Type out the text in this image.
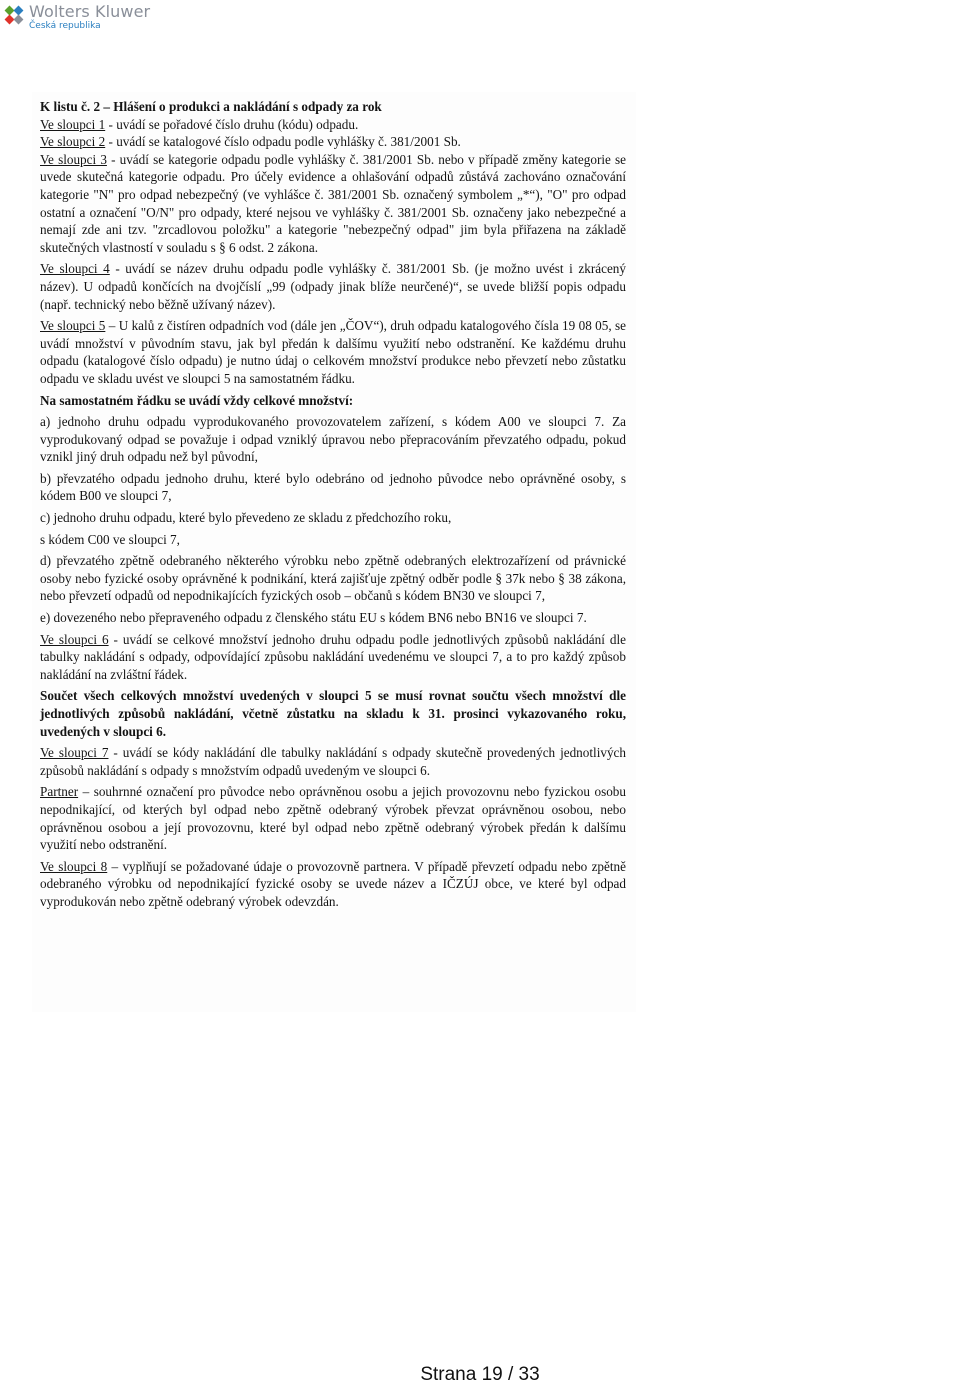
Wolters Kluwer
Česká republika

K listu č. 2 – Hlášení o produkci a nakládání s odpady za rok

Ve sloupci 1 - uvádí se pořadové číslo druhu (kódu) odpadu.

Ve sloupci 2 - uvádí se katalogové číslo odpadu podle vyhlášky č. 381/2001 Sb.

Ve sloupci 3 - uvádí se kategorie odpadu podle vyhlášky č. 381/2001 Sb. nebo v případě změny kategorie se uvede skutečná kategorie odpadu. Pro účely evidence a ohlašování odpadů zůstává zachováno označování kategorie "N" pro odpad nebezpečný (ve vyhlášce č. 381/2001 Sb. označený symbolem „*“), "O" pro odpad ostatní a označení "O/N" pro odpady, které nejsou ve vyhlášky č. 381/2001 Sb. označeny jako nebezpečné a nemají zde ani tzv. "zrcadlovou položku" a kategorie "nebezpečný odpad" jim byla přiřazena na základě skutečných vlastností v souladu s § 6 odst. 2 zákona.

Ve sloupci 4 - uvádí se název druhu odpadu podle vyhlášky č. 381/2001 Sb. (je možno uvést i zkrácený název). U odpadů končících na dvojčíslí „99 (odpady jinak blíže neurčené)“, se uvede bližší popis odpadu (např. technický nebo běžně užívaný název).

Ve sloupci 5 – U kalů z čistíren odpadních vod (dále jen „ČOV“), druh odpadu katalogového čísla 19 08 05, se uvádí množství v původním stavu, jak byl předán k dalšímu využití nebo odstranění. Ke každému druhu odpadu (katalogové číslo odpadu) je nutno údaj o celkovém množství produkce nebo převzetí nebo zůstatku odpadu ve skladu uvést ve sloupci 5 na samostatném řádku.

Na samostatném řádku se uvádí vždy celkové množství:

a) jednoho druhu odpadu vyprodukovaného provozovatelem zařízení, s kódem A00 ve sloupci 7. Za vyprodukovaný odpad se považuje i odpad vzniklý úpravou nebo přepracováním převzatého odpadu, pokud vznikl jiný druh odpadu než byl původní,

b) převzatého odpadu jednoho druhu, které bylo odebráno od jednoho původce nebo oprávněné osoby, s kódem B00 ve sloupci 7,

c) jednoho druhu odpadu, které bylo převedeno ze skladu z předchozího roku,

s kódem C00 ve sloupci 7,

d) převzatého zpětně odebraného některého výrobku nebo zpětně odebraných elektrozařízení od právnické osoby nebo fyzické osoby oprávněné k podnikání, která zajišťuje zpětný odběr podle § 37k nebo § 38 zákona, nebo převzetí odpadů od nepodnikajících fyzických osob – občanů s kódem BN30 ve sloupci 7,

e) dovezeného nebo přepraveného odpadu z členského státu EU s kódem BN6 nebo BN16 ve sloupci 7.

Ve sloupci 6 - uvádí se celkové množství jednoho druhu odpadu podle jednotlivých způsobů nakládání dle tabulky nakládání s odpady, odpovídající způsobu nakládání uvedenému ve sloupci 7, a to pro každý způsob nakládání na zvláštní řádek.

Součet všech celkových množství uvedených v sloupci 5 se musí rovnat součtu všech množství dle jednotlivých způsobů nakládání, včetně zůstatku na skladu k 31. prosinci vykazovaného roku, uvedených v sloupci 6.

Ve sloupci 7 - uvádí se kódy nakládání dle tabulky nakládání s odpady skutečně provedených jednotlivých způsobů nakládání s odpady s množstvím odpadů uvedeným ve sloupci 6.

Partner – souhrnné označení pro původce nebo oprávněnou osobu a jejich provozovnu nebo fyzickou osobu nepodnikající, od kterých byl odpad nebo zpětně odebraný výrobek převzat oprávněnou osobou, nebo oprávněnou osobou a její provozovnu, které byl odpad nebo zpětně odebraný výrobek předán k dalšímu využití nebo odstranění.

Ve sloupci 8 – vyplňují se požadované údaje o provozovně partnera. V případě převzetí odpadu nebo zpětně odebraného výrobku od nepodnikající fyzické osoby se uvede název a IČZÚJ obce, ve které byl odpad vyprodukován nebo zpětně odebraný výrobek odevzdán.

Strana 19 / 33
